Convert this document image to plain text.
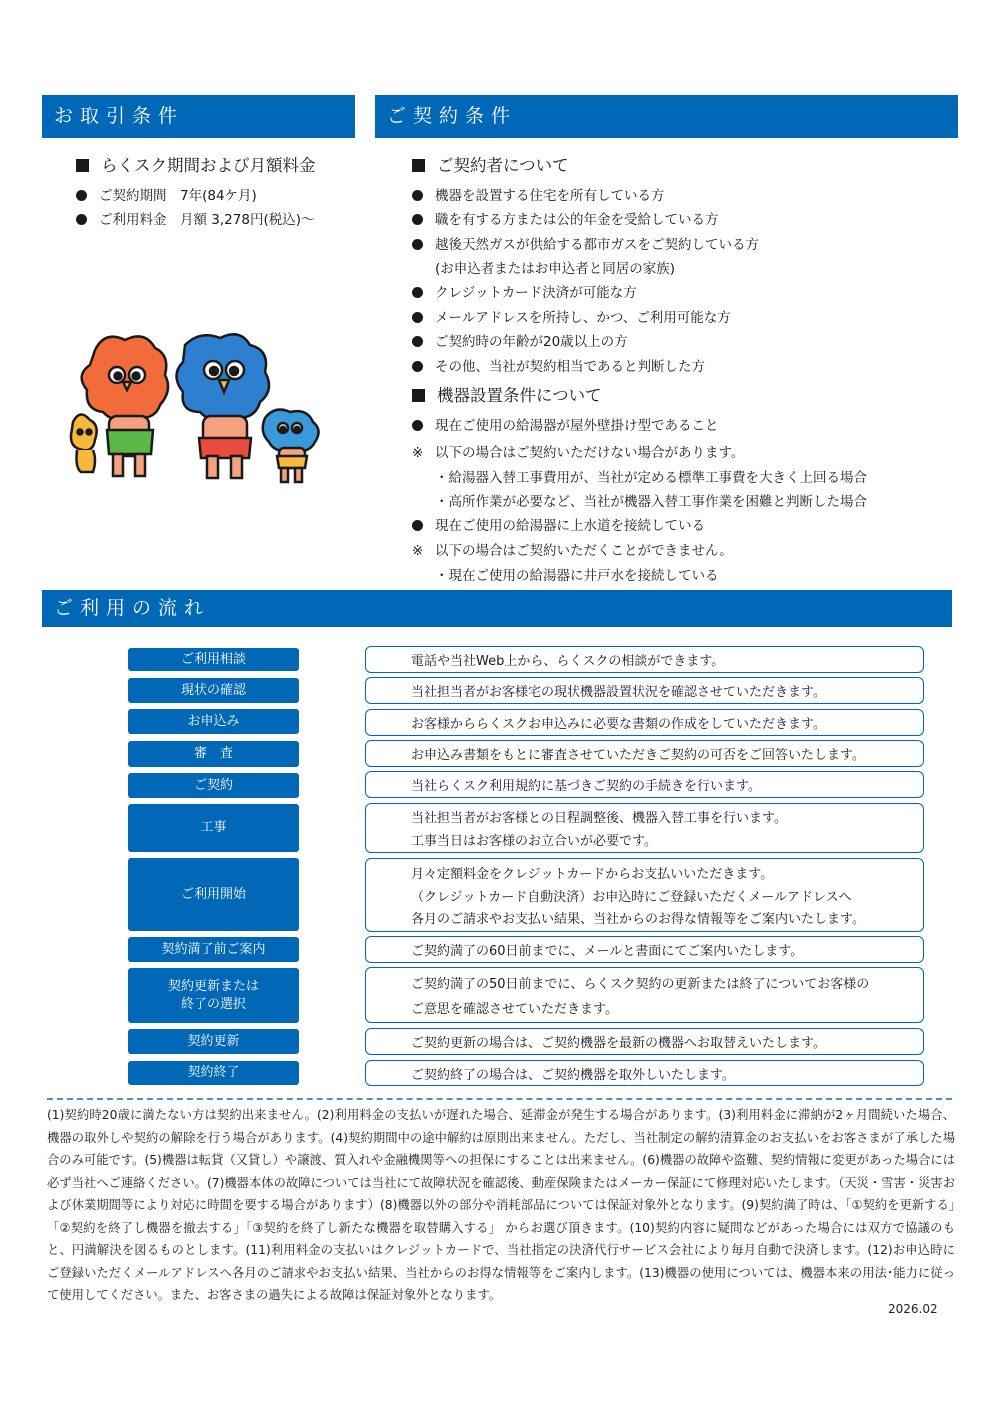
お取引条件	ご契約条件
ご利用の流れ
らくスク期間および月額料金
ご契約期間　7年(84ケ月)
ご利用料金　月額 3,278円(税込)～
ご契約者について
機器を設置する住宅を所有している方
職を有する方または公的年金を受給している方
越後天然ガスが供給する都市ガスをご契約している方
(お申込者またはお申込者と同居の家族)
クレジットカード決済が可能な方
メールアドレスを所持し、かつ、ご利用可能な方
ご契約時の年齢が20歳以上の方
その他、当社が契約相当であると判断した方
機器設置条件について
現在ご使用の給湯器が屋外壁掛け型であること
※ 以下の場合はご契約いただけない場合があります。
・給湯器入替工事費用が、当社が定める標準工事費を大きく上回る場合
・高所作業が必要など、当社が機器入替工事作業を困難と判断した場合
現在ご使用の給湯器に上水道を接続している
※ 以下の場合はご契約いただくことができません。
・現在ご使用の給湯器に井戸水を接続している
ご利用相談	電話や当社Web上から、らくスクの相談ができます。
現状の確認	当社担当者がお客様宅の現状機器設置状況を確認させていただきます。
お申込み	お客様かららくスクお申込みに必要な書類の作成をしていただきます。
審　査	お申込み書類をもとに審査させていただきご契約の可否をご回答いたします。
ご契約	当社らくスク利用規約に基づきご契約の手続きを行います。
工事
当社担当者がお客様との日程調整後、機器入替工事を行います。
工事当日はお客様のお立合いが必要です。
ご利用開始
月々定額料金をクレジットカードからお支払いいただきます。
（クレジットカード自動決済）お申込時にご登録いただくメールアドレスへ
各月のご請求やお支払い結果、当社からのお得な情報等をご案内いたします。
契約満了前ご案内	ご契約満了の60日前までに、メールと書面にてご案内いたします。
契約更新または
終了の選択
ご契約満了の50日前までに、らくスク契約の更新または終了についてお客様の
ご意思を確認させていただきます。
契約更新	ご契約更新の場合は、ご契約機器を最新の機器へお取替えいたします。
契約終了	ご契約終了の場合は、ご契約機器を取外しいたします。
(1)契約時20歳に満たない方は契約出来ません。(2)利用料金の支払いが遅れた場合、延滞金が発生する場合があります。(3)利用料金に滞納が2ヶ月間続いた場合、機器の取外しや契約の解除を行う場合があります。(4)契約期間中の途中解約は原則出来ません。ただし、当社制定の解約清算金のお支払いをお客さまが了承した場合のみ可能です。(5)機器は転貸（又貸し）や譲渡、質入れや金融機関等への担保にすることは出来ません。(6)機器の故障や盗難、契約情報に変更があった場合には必ず当社へご連絡ください。(7)機器本体の故障については当社にて故障状況を確認後、動産保険またはメーカー保証にて修理対応いたします。（天災・雪害・災害および休業期間等により対応に時間を要する場合があります）(8)機器以外の部分や消耗部品については保証対象外となります。(9)契約満了時は、「①契約を更新する」「②契約を終了し機器を撤去する」「③契約を終了し新たな機器を取替購入する」 からお選び頂きます。(10)契約内容に疑問などがあった場合には双方で協議のもと、円満解決を図るものとします。(11)利用料金の支払いはクレジットカードで、当社指定の決済代行サービス会社により毎月自動で決済します。(12)お申込時にご登録いただくメールアドレスへ各月のご請求やお支払い結果、当社からのお得な情報等をご案内します。(13)機器の使用については、機器本来の用法･能力に従って使用してください。また、お客さまの過失による故障は保証対象外となります。
2026.02
